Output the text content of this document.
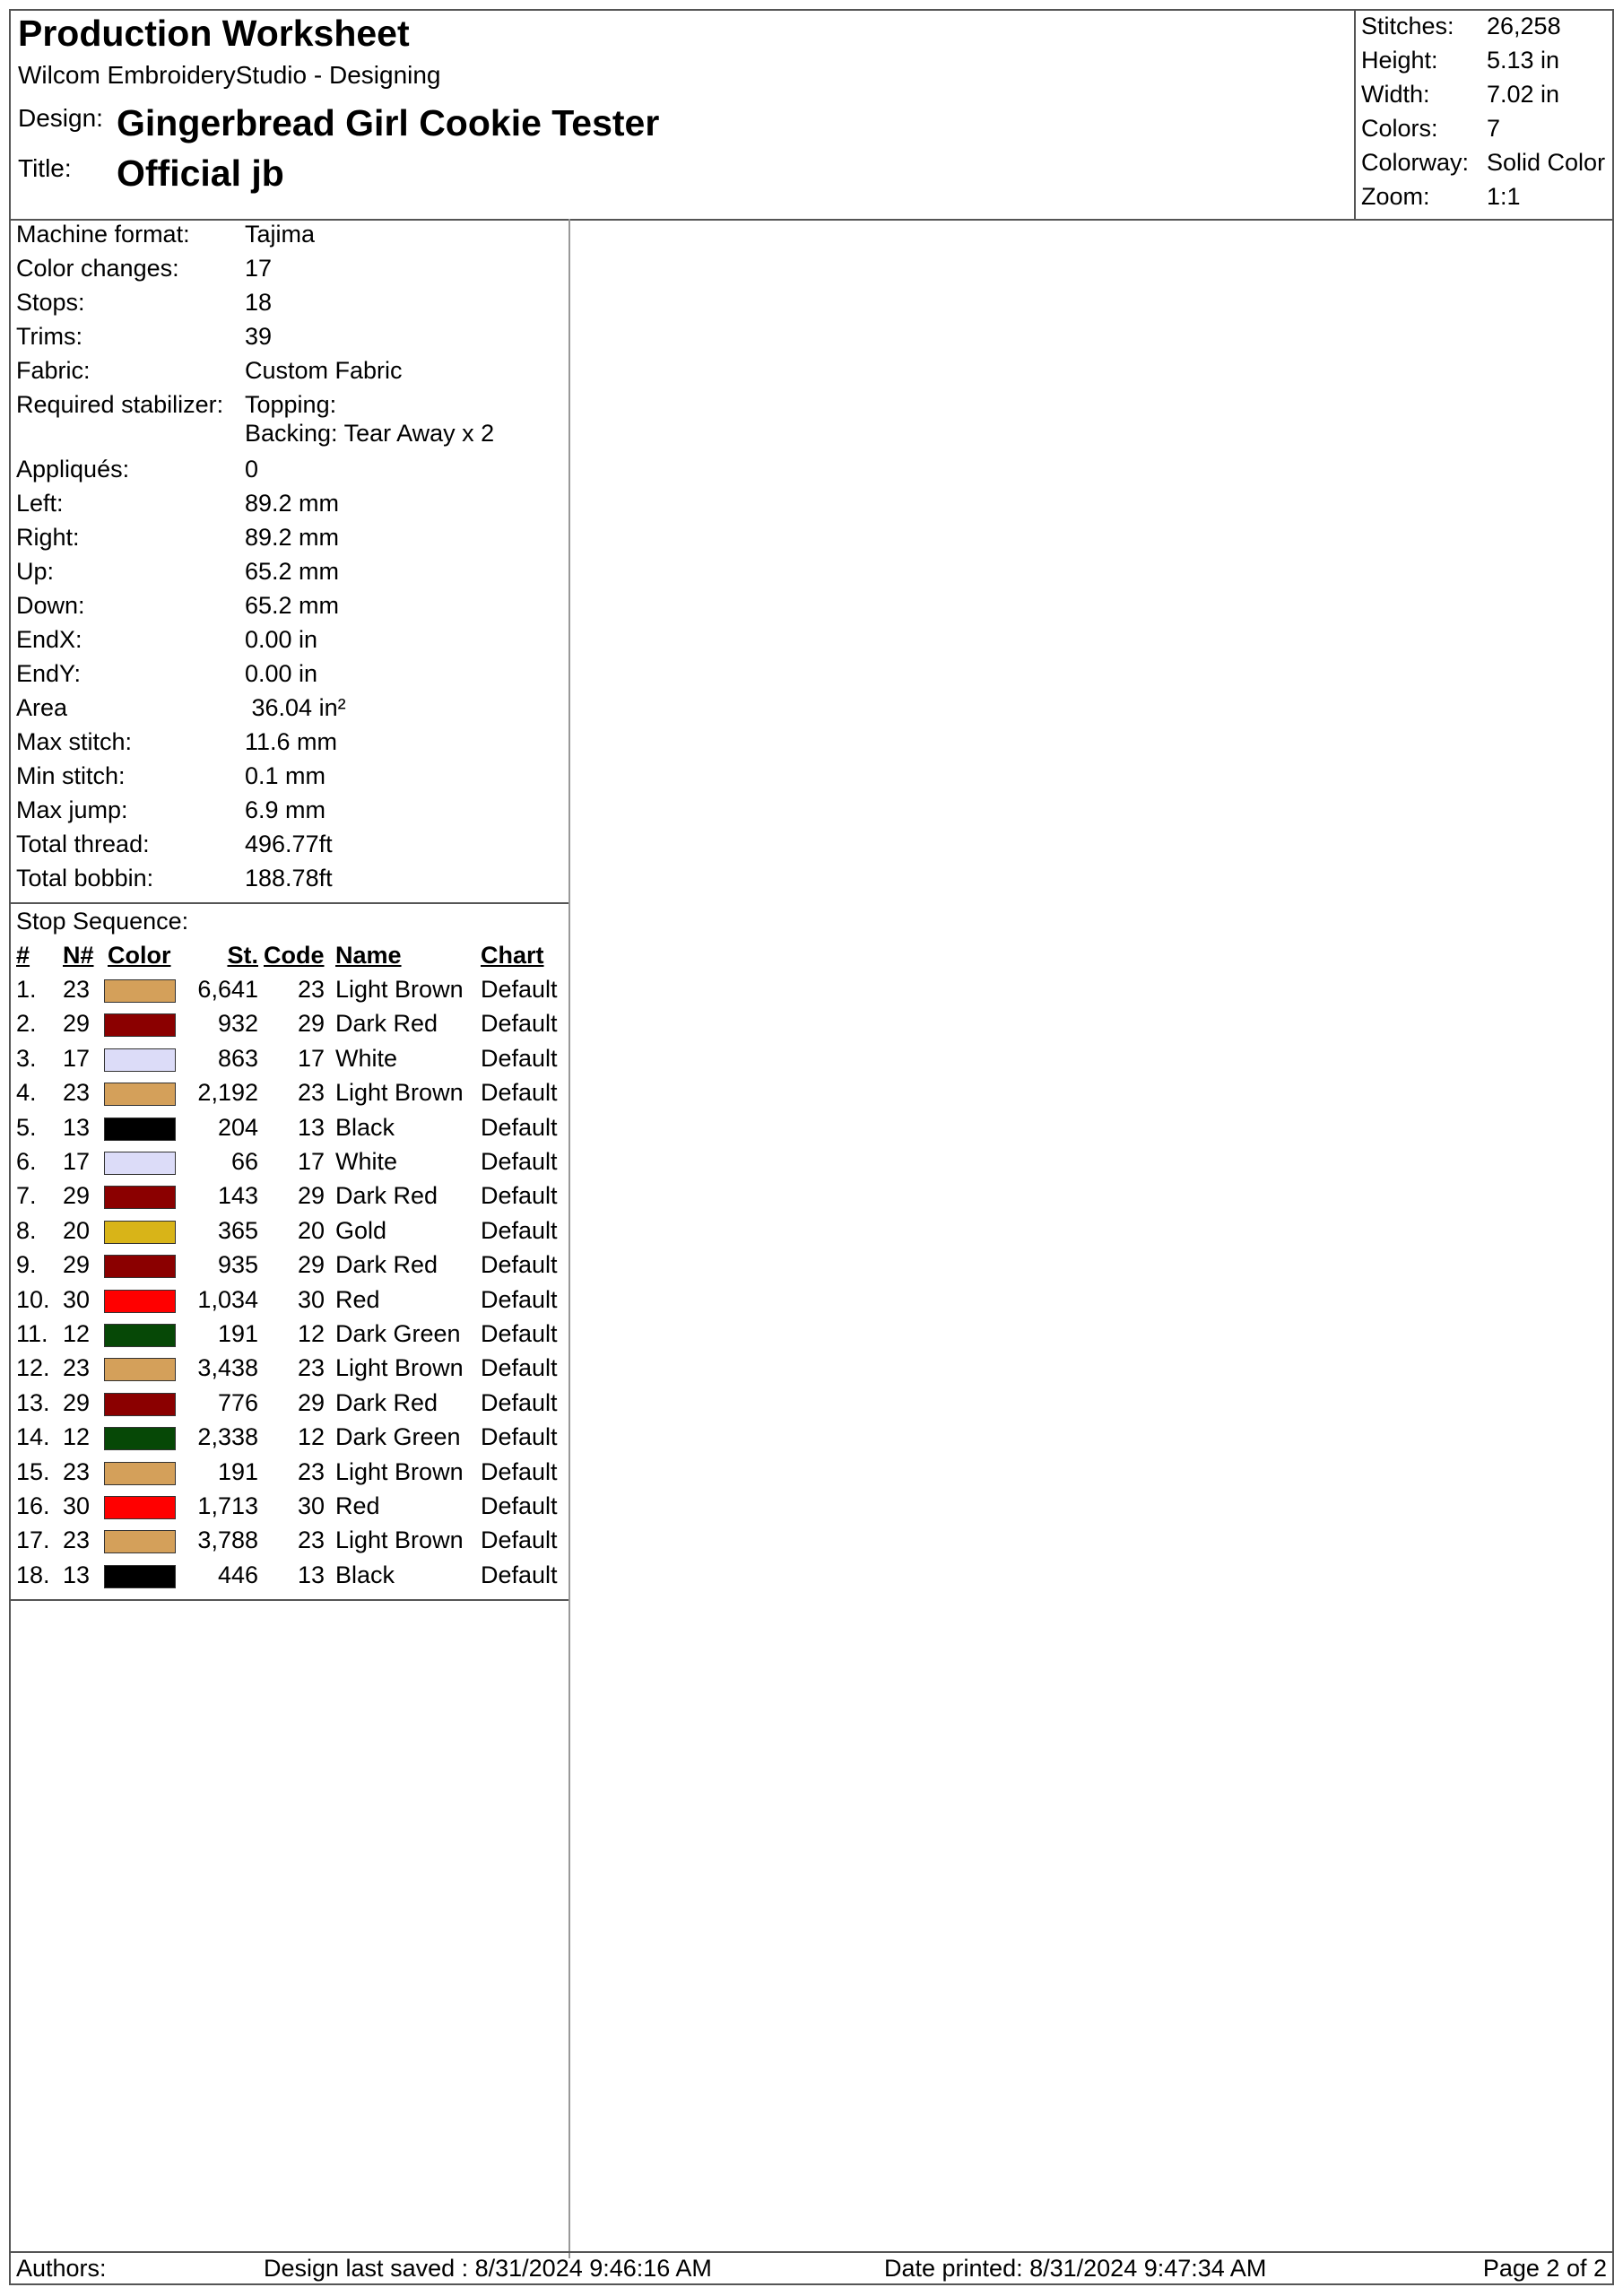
Production Worksheet
Wilcom EmbroideryStudio - Designing
Design: Gingerbread Girl Cookie Tester
Title: Official jb
Stitches: 26,258
Height: 5.13 in
Width: 7.02 in
Colors: 7
Colorway: Solid Color
Zoom: 1:1
Machine format: Tajima
Color changes:	17
Stops:	18
Trims:	39
Fabric:	Custom Fabric
Required stabilizer: Topping:
Backing: Tear Away x 2
Appliqués:	0
Left:	89.2 mm
Right:	89.2 mm
Up:	65.2 mm
Down:	65.2 mm
EndX:	0.00 in
EndY:	0.00 in
Area	36.04 in²
Max stitch:	11.6 mm
Min stitch:	0.1 mm
Max jump:	6.9 mm
Total thread:	496.77ft
Total bobbin:	188.78ft
Stop Sequence:
# N# Color	St. Code Name	Chart
1.	23	6,641	23 Light Brown Default
2.	29	932	29 Dark Red Default
3.	17	863	17 White	Default
4.	23	2,192	23 Light Brown Default
5.	13	204	13 Black	Default
6.	17	66	17 White	Default
7.	29	143	29 Dark Red Default
8.	20	365	20 Gold	Default
9.	29	935	29 Dark Red Default
10. 30	1,034	30 Red	Default
11. 12	191	12 Dark Green Default
12. 23	3,438	23 Light Brown Default
13. 29	776	29 Dark Red Default
14. 12	2,338	12 Dark Green Default
15. 23	191	23 Light Brown Default
16. 30	1,713	30 Red	Default
17. 23	3,788	23 Light Brown Default
18. 13	446	13 Black	Default
Authors:	Design last saved : 8/31/2024 9:46:16 AM	Date printed: 8/31/2024 9:47:34 AM	Page 2 of 2
